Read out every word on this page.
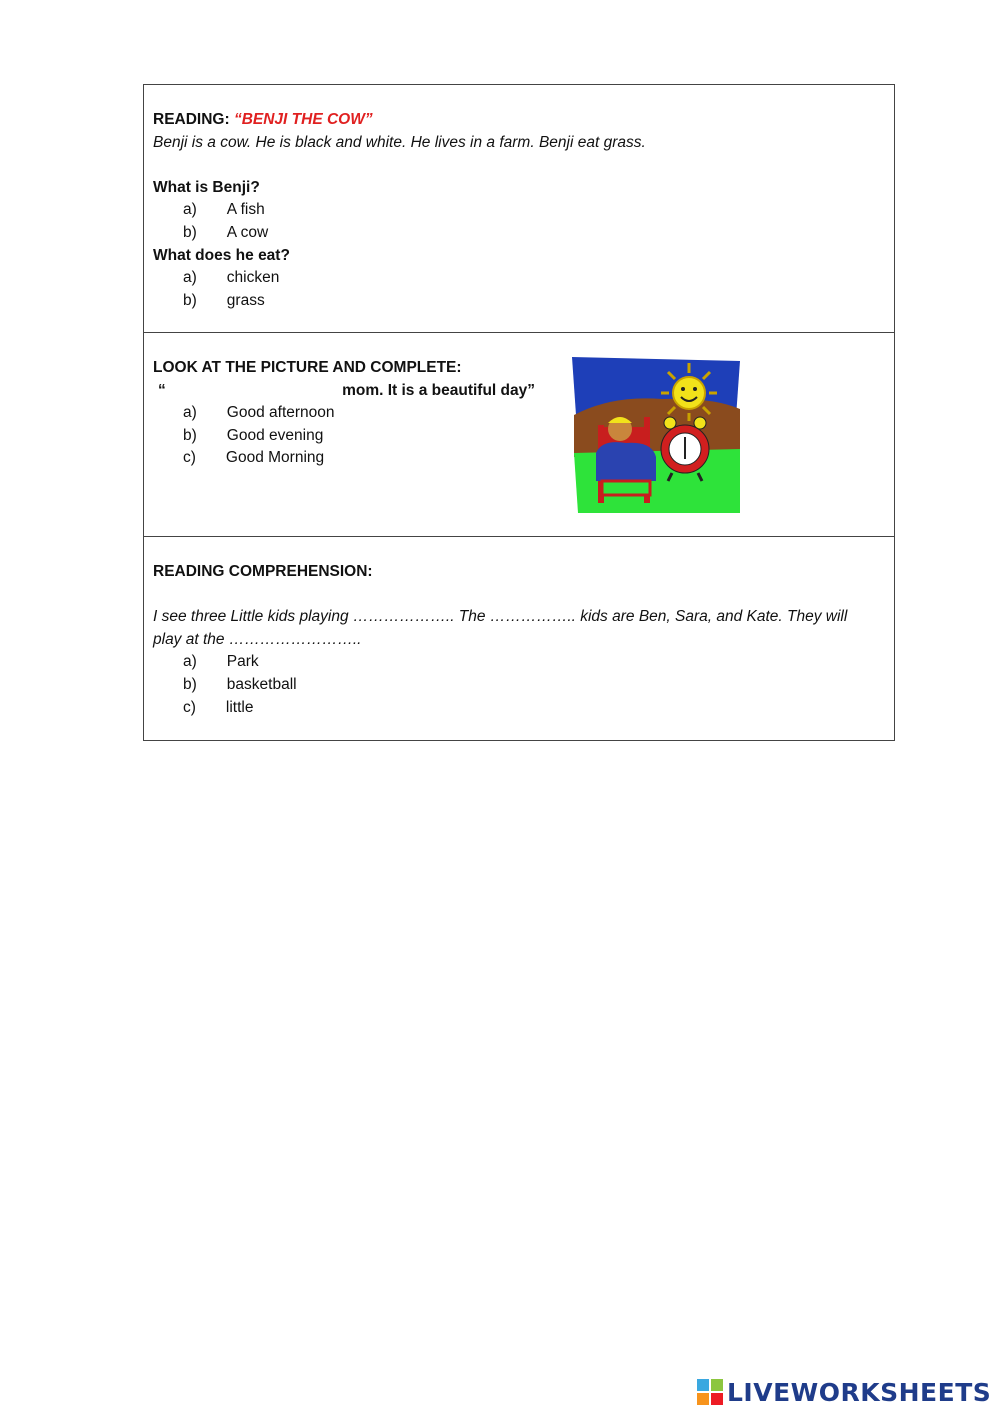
READING: “BENJI THE COW”
Benji is a cow. He is black and white. He lives in a farm. Benji eat grass.
What is Benji?
a) A fish
b) A cow
What does he eat?
a) chicken
b) grass
LOOK AT THE PICTURE AND COMPLETE:
“	mom. It is a beautiful day”
a) Good afternoon
b) Good evening
c) Good Morning
READING COMPREHENSION:
I see three Little kids playing ……………….. The …………….. kids are Ben, Sara, and Kate. They will play at the ……………………..
a) Park
b) basketball
c) little
LIVEWORKSHEETS
